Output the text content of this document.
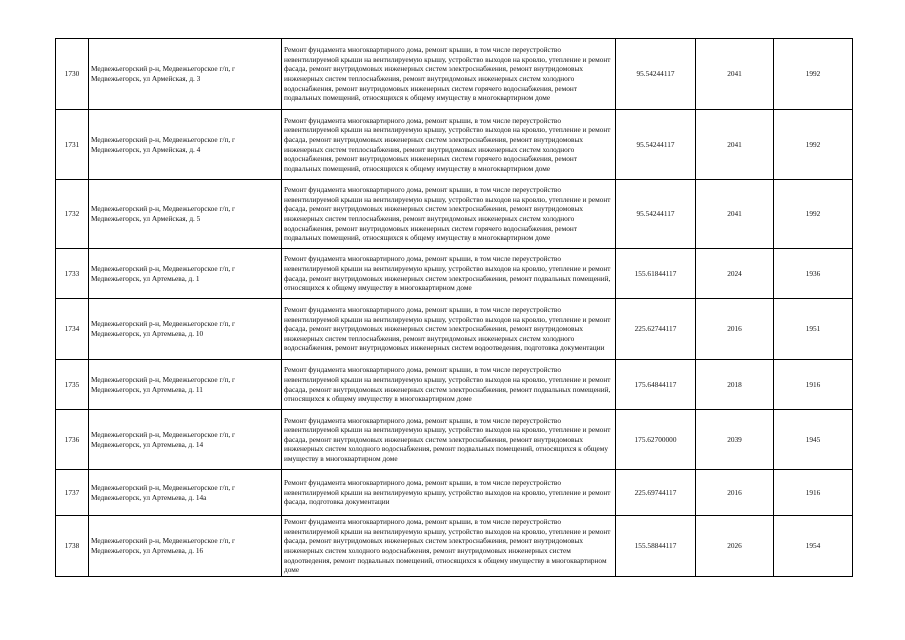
1730	Медвежьегорский р-н, Медвежьегорское г/п, г Медвежьегорск, ул Армейская, д. 3	Ремонт фундамента многоквартирного дома, ремонт крыши, в том числе переустройство невентилируемой крыши на вентилируемую крышу, устройство выходов на кровлю, утепление и ремонт фасада, ремонт внутридомовых инженерных систем электроснабжения, ремонт внутридомовых инженерных систем теплоснабжения, ремонт внутридомовых инженерных систем холодного водоснабжения, ремонт внутридомовых инженерных систем горячего водоснабжения, ремонт подвальных помещений, относящихся к общему имуществу в многоквартирном доме	95.54244117	2041	1992
1731	Медвежьегорский р-н, Медвежьегорское г/п, г Медвежьегорск, ул Армейская, д. 4	Ремонт фундамента многоквартирного дома, ремонт крыши, в том числе переустройство невентилируемой крыши на вентилируемую крышу, устройство выходов на кровлю, утепление и ремонт фасада, ремонт внутридомовых инженерных систем электроснабжения, ремонт внутридомовых инженерных систем теплоснабжения, ремонт внутридомовых инженерных систем холодного водоснабжения, ремонт внутридомовых инженерных систем горячего водоснабжения, ремонт подвальных помещений, относящихся к общему имуществу в многоквартирном доме	95.54244117	2041	1992
1732	Медвежьегорский р-н, Медвежьегорское г/п, г Медвежьегорск, ул Армейская, д. 5	Ремонт фундамента многоквартирного дома, ремонт крыши, в том числе переустройство невентилируемой крыши на вентилируемую крышу, устройство выходов на кровлю, утепление и ремонт фасада, ремонт внутридомовых инженерных систем электроснабжения, ремонт внутридомовых инженерных систем теплоснабжения, ремонт внутридомовых инженерных систем холодного водоснабжения, ремонт внутридомовых инженерных систем горячего водоснабжения, ремонт подвальных помещений, относящихся к общему имуществу в многоквартирном доме	95.54244117	2041	1992
1733	Медвежьегорский р-н, Медвежьегорское г/п, г Медвежьегорск, ул Артемьева, д. 1	Ремонт фундамента многоквартирного дома, ремонт крыши, в том числе переустройство невентилируемой крыши на вентилируемую крышу, устройство выходов на кровлю, утепление и ремонт фасада, ремонт внутридомовых инженерных систем электроснабжения, ремонт подвальных помещений, относящихся к общему имуществу в многоквартирном доме	155.61844117	2024	1936
1734	Медвежьегорский р-н, Медвежьегорское г/п, г Медвежьегорск, ул Артемьева, д. 10	Ремонт фундамента многоквартирного дома, ремонт крыши, в том числе переустройство невентилируемой крыши на вентилируемую крышу, устройство выходов на кровлю, утепление и ремонт фасада, ремонт внутридомовых инженерных систем электроснабжения, ремонт внутридомовых инженерных систем теплоснабжения, ремонт внутридомовых инженерных систем холодного водоснабжения, ремонт внутридомовых инженерных систем водоотведения, подготовка документации	225.62744117	2016	1951
1735	Медвежьегорский р-н, Медвежьегорское г/п, г Медвежьегорск, ул Артемьева, д. 11	Ремонт фундамента многоквартирного дома, ремонт крыши, в том числе переустройство невентилируемой крыши на вентилируемую крышу, устройство выходов на кровлю, утепление и ремонт фасада, ремонт внутридомовых инженерных систем электроснабжения, ремонт подвальных помещений, относящихся к общему имуществу в многоквартирном доме	175.64844117	2018	1916
1736	Медвежьегорский р-н, Медвежьегорское г/п, г Медвежьегорск, ул Артемьева, д. 14	Ремонт фундамента многоквартирного дома, ремонт крыши, в том числе переустройство невентилируемой крыши на вентилируемую крышу, устройство выходов на кровлю, утепление и ремонт фасада, ремонт внутридомовых инженерных систем электроснабжения, ремонт внутридомовых инженерных систем холодного водоснабжения, ремонт подвальных помещений, относящихся к общему имуществу в многоквартирном доме	175.62700000	2039	1945
1737	Медвежьегорский р-н, Медвежьегорское г/п, г Медвежьегорск, ул Артемьева, д. 14а	Ремонт фундамента многоквартирного дома, ремонт крыши, в том числе переустройство невентилируемой крыши на вентилируемую крышу, устройство выходов на кровлю, утепление и ремонт фасада, подготовка документации	225.69744117	2016	1916
1738	Медвежьегорский р-н, Медвежьегорское г/п, г Медвежьегорск, ул Артемьева, д. 16	Ремонт фундамента многоквартирного дома, ремонт крыши, в том числе переустройство невентилируемой крыши на вентилируемую крышу, устройство выходов на кровлю, утепление и ремонт фасада, ремонт внутридомовых инженерных систем электроснабжения, ремонт внутридомовых инженерных систем холодного водоснабжения, ремонт внутридомовых инженерных систем водоотведения, ремонт подвальных помещений, относящихся к общему имуществу в многоквартирном доме	155.58844117	2026	1954
